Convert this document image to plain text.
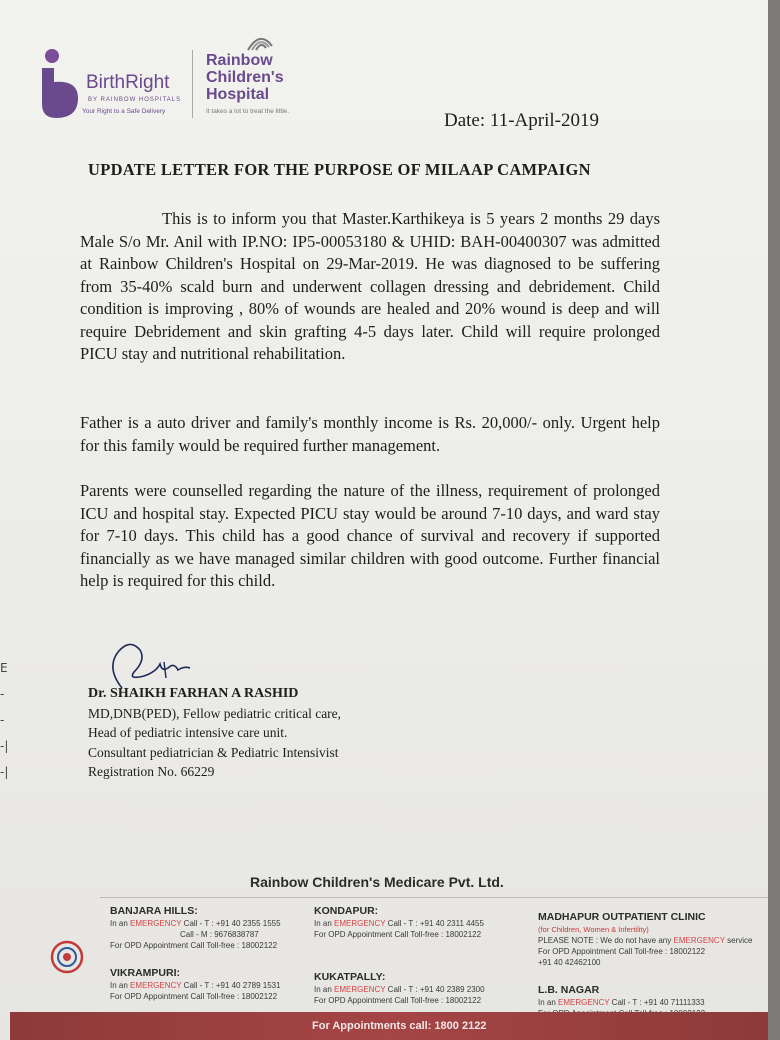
E
-
-
-|
-|
BirthRight
BY RAINBOW HOSPITALS
Your Right to a Safe Delivery
Rainbow
Children's
Hospital
It takes a lot to treat the little.	Date: 11-April-2019
UPDATE LETTER FOR THE PURPOSE OF MILAAP CAMPAIGN

This is to inform you that Master.Karthikeya is 5 years 2 months 29 days Male S/o Mr. Anil with IP.NO: IP5-00053180 & UHID: BAH-00400307 was admitted at Rainbow Children's Hospital on 29-Mar-2019. He was diagnosed to be suffering from 35-40% scald burn and underwent collagen dressing and debridement. Child condition is improving , 80% of wounds are healed and 20% wound is deep and will require Debridement and skin grafting 4-5 days later. Child will require prolonged PICU stay and nutritional rehabilitation.

Father is a auto driver and family's monthly income is Rs. 20,000/- only. Urgent help for this family would be required further management.

Parents were counselled regarding the nature of the illness, requirement of prolonged ICU and hospital stay. Expected PICU stay would be around 7-10 days, and ward stay for 7-10 days. This child has a good chance of survival and recovery if supported financially as we have managed similar children with good outcome. Further financial help is required for this child.

Dr. SHAIKH FARHAN A RASHID
MD,DNB(PED), Fellow pediatric critical care,
Head of pediatric intensive care unit.
Consultant pediatrician & Pediatric Intensivist
Registration No. 66229
Rainbow Children's Medicare Pvt. Ltd.
BANJARA HILLS:
In an EMERGENCY Call - T : +91 40 2355 1555
Call - M : 9676838787
For OPD Appointment Call Toll-free : 18002122
KONDAPUR:
In an EMERGENCY Call - T : +91 40 2311 4455
For OPD Appointment Call Toll-free : 18002122
MADHAPUR OUTPATIENT CLINIC
(for Children, Women & Infertility)
PLEASE NOTE : We do not have any EMERGENCY service
For OPD Appointment Call Toll-free : 18002122
+91 40 42462100
VIKRAMPURI:
In an EMERGENCY Call - T : +91 40 2789 1531
For OPD Appointment Call Toll-free : 18002122
KUKATPALLY:
In an EMERGENCY Call - T : +91 40 2389 2300
For OPD Appointment Call Toll-free : 18002122
L.B. NAGAR
In an EMERGENCY Call - T : +91 40 71111333
For Appointments call: 1800 2122
